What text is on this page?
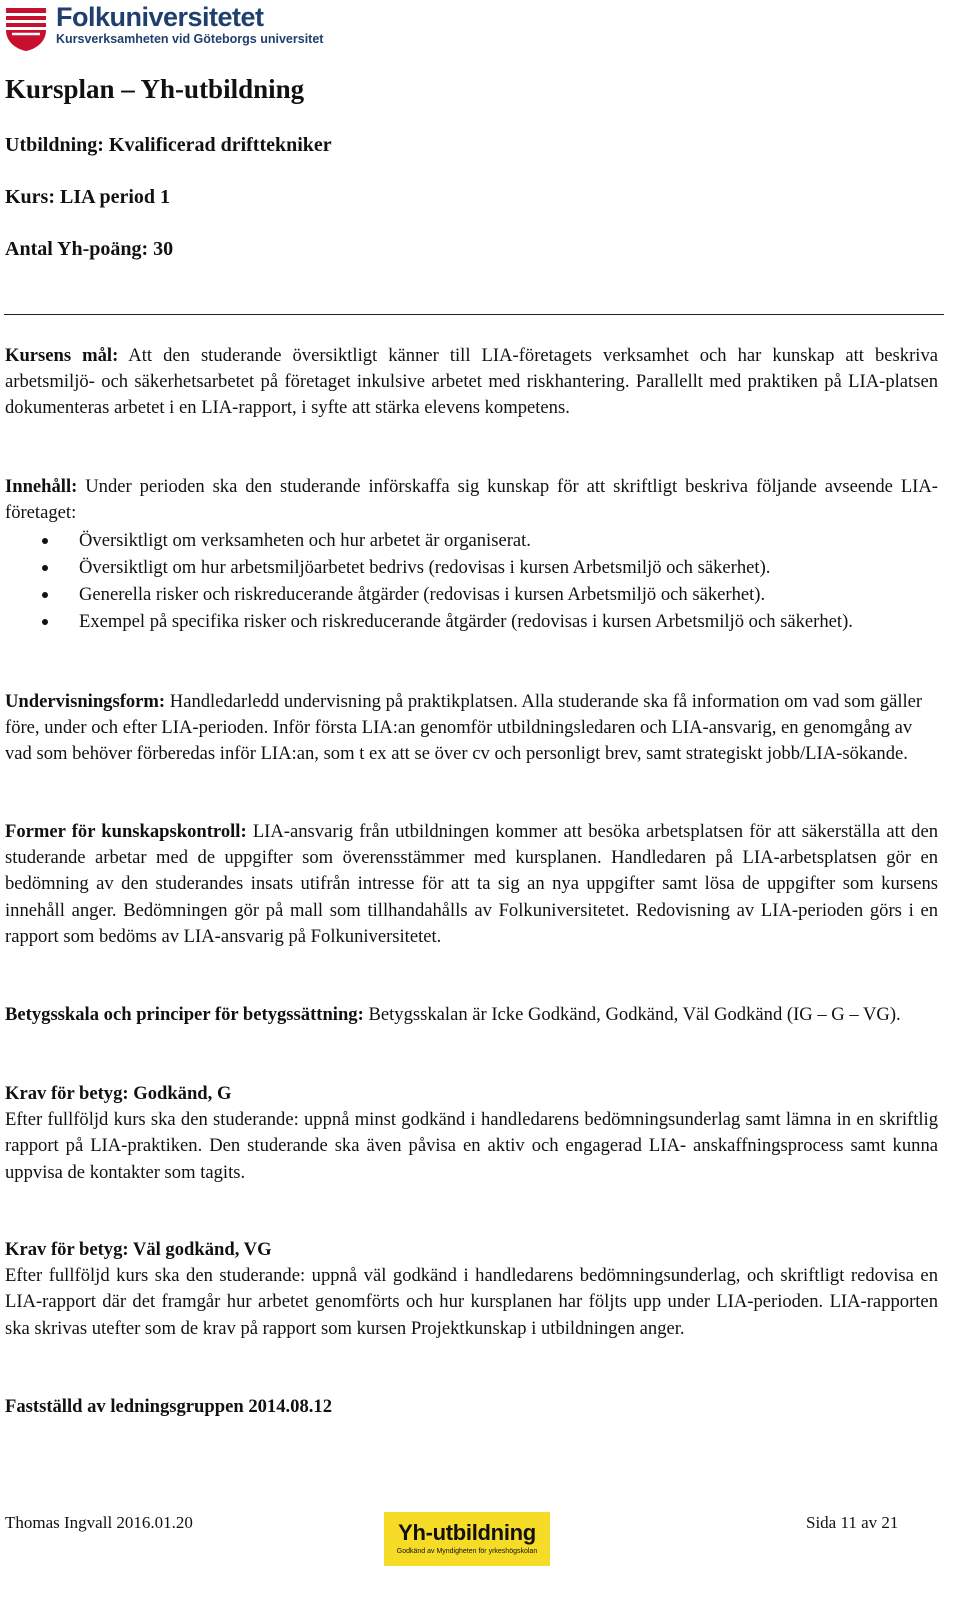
Folkuniversitetet
Kursverksamheten vid Göteborgs universitet
Kursplan – Yh-utbildning
Utbildning: Kvalificerad drifttekniker
Kurs: LIA period 1
Antal Yh-poäng: 30

Kursens mål: Att den studerande översiktligt känner till LIA-företagets verksamhet och har kunskap att beskriva arbetsmiljö- och säkerhetsarbetet på företaget inkulsive arbetet med riskhantering. Parallellt med praktiken på LIA-platsen dokumenteras arbetet i en LIA-rapport, i syfte att stärka elevens kompetens.

Innehåll: Under perioden ska den studerande införskaffa sig kunskap för att skriftligt beskriva följande avseende LIA-företaget:

Översiktligt om verksamheten och hur arbetet är organiserat.
Översiktligt om hur arbetsmiljöarbetet bedrivs (redovisas i kursen Arbetsmiljö och säkerhet).
Generella risker och riskreducerande åtgärder (redovisas i kursen Arbetsmiljö och säkerhet).
Exempel på specifika risker och riskreducerande åtgärder (redovisas i kursen Arbetsmiljö och säkerhet).

Undervisningsform: Handledarledd undervisning på praktikplatsen. Alla studerande ska få information om vad som gäller före, under och efter LIA-perioden. Inför första LIA:an genomför utbildningsledaren och LIA-ansvarig, en genomgång av vad som behöver förberedas inför LIA:an, som t ex att se över cv och personligt brev, samt strategiskt jobb/LIA-sökande.

Former för kunskapskontroll: LIA-ansvarig från utbildningen kommer att besöka arbetsplatsen för att säkerställa att den studerande arbetar med de uppgifter som överensstämmer med kursplanen. Handledaren på LIA-arbetsplatsen gör en bedömning av den studerandes insats utifrån intresse för att ta sig an nya uppgifter samt lösa de uppgifter som kursens innehåll anger. Bedömningen gör på mall som tillhandahålls av Folkuniversitetet. Redovisning av LIA-perioden görs i en rapport som bedöms av LIA-ansvarig på Folkuniversitetet.

Betygsskala och principer för betygssättning: Betygsskalan är Icke Godkänd, Godkänd, Väl Godkänd (IG – G – VG).

Krav för betyg: Godkänd, G
Efter fullföljd kurs ska den studerande: uppnå minst godkänd i handledarens bedömningsunderlag samt lämna in en skriftlig rapport på LIA-praktiken. Den studerande ska även påvisa en aktiv och engagerad LIA- anskaffningsprocess samt kunna uppvisa de kontakter som tagits.

Krav för betyg: Väl godkänd, VG
Efter fullföljd kurs ska den studerande: uppnå väl godkänd i handledarens bedömningsunderlag, och skriftligt redovisa en LIA-rapport där det framgår hur arbetet genomförts och hur kursplanen har följts upp under LIA-perioden. LIA-rapporten ska skrivas utefter som de krav på rapport som kursen Projektkunskap i utbildningen anger.

Fastställd av ledningsgruppen 2014.08.12

Thomas Ingvall 2016.01.20	Yh-utbildning
Godkänd av Myndigheten för yrkeshögskolan
Sida 11 av 21
